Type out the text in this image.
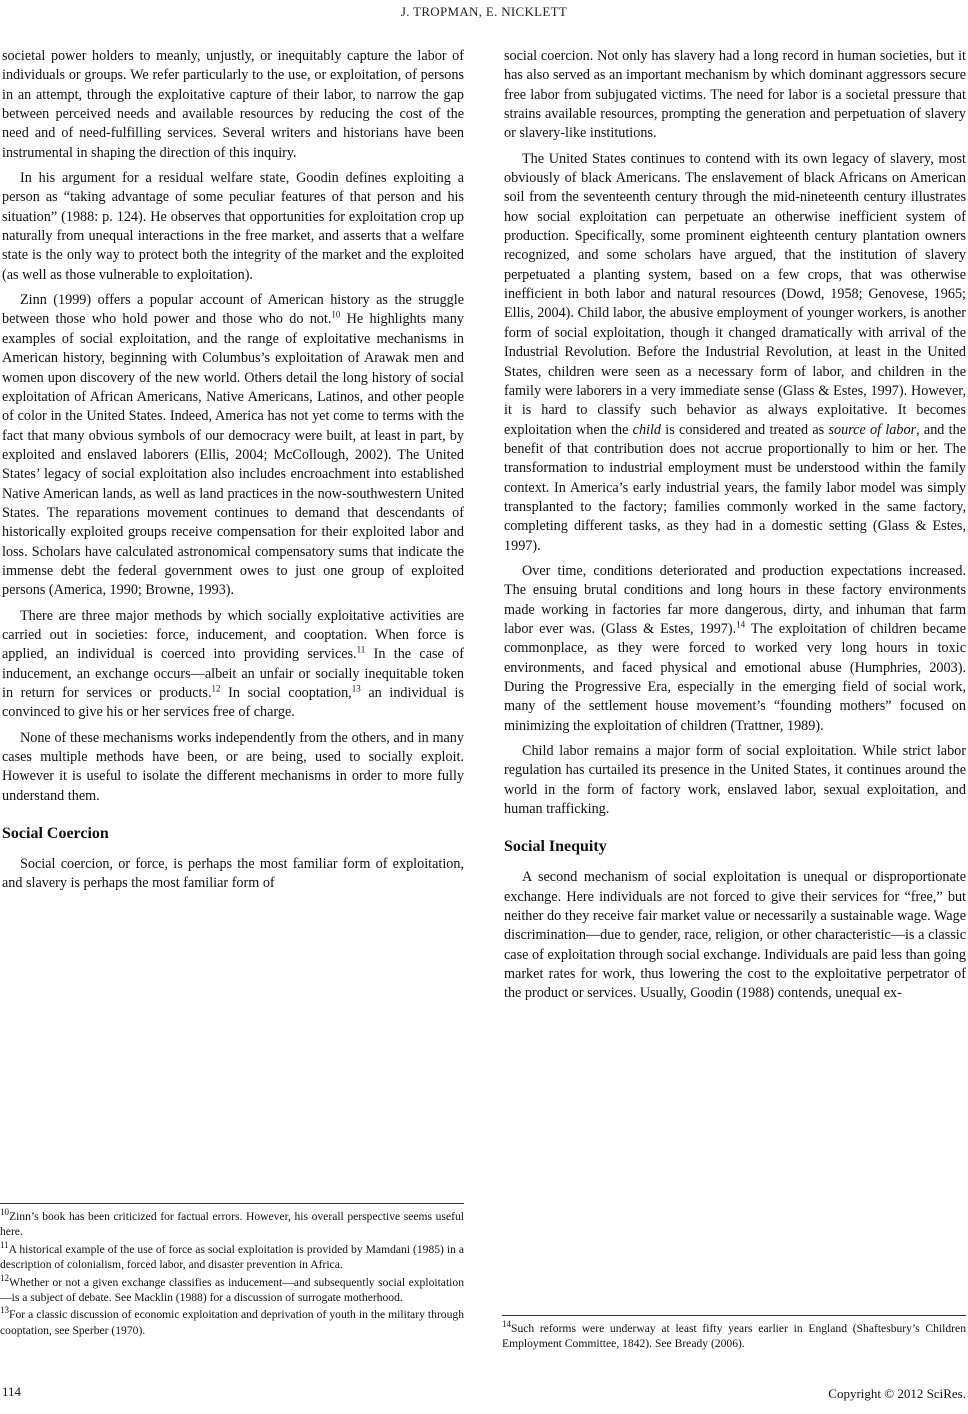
J. TROPMAN, E. NICKLETT

societal power holders to meanly, unjustly, or inequitably capture the labor of individuals or groups. We refer particularly to the use, or exploitation, of persons in an attempt, through the exploitative capture of their labor, to narrow the gap between perceived needs and available resources by reducing the cost of the need and of need-fulfilling services. Several writers and historians have been instrumental in shaping the direction of this inquiry.

In his argument for a residual welfare state, Goodin defines exploiting a person as “taking advantage of some peculiar features of that person and his situation” (1988: p. 124). He observes that opportunities for exploitation crop up naturally from unequal interactions in the free market, and asserts that a welfare state is the only way to protect both the integrity of the market and the exploited (as well as those vulnerable to exploitation).

Zinn (1999) offers a popular account of American history as the struggle between those who hold power and those who do not.$^{10}$ He highlights many examples of social exploitation, and the range of exploitative mechanisms in American history, beginning with Columbus’s exploitation of Arawak men and women upon discovery of the new world. Others detail the long history of social exploitation of African Americans, Native Americans, Latinos, and other people of color in the United States. Indeed, America has not yet come to terms with the fact that many obvious symbols of our democracy were built, at least in part, by exploited and enslaved laborers (Ellis, 2004; McCollough, 2002). The United States’ legacy of social exploitation also includes encroachment into established Native American lands, as well as land practices in the now-southwestern United States. The reparations movement continues to demand that descendants of historically exploited groups receive compensation for their exploited labor and loss. Scholars have calculated astronomical compensatory sums that indicate the immense debt the federal government owes to just one group of exploited persons (America, 1990; Browne, 1993).

There are three major methods by which socially exploitative activities are carried out in societies: force, inducement, and cooptation. When force is applied, an individual is coerced into providing services.$^{11}$ In the case of inducement, an exchange occurs—albeit an unfair or socially inequitable token in return for services or products.$^{12}$ In social cooptation,$^{13}$ an individual is convinced to give his or her services free of charge.

None of these mechanisms works independently from the others, and in many cases multiple methods have been, or are being, used to socially exploit. However it is useful to isolate the different mechanisms in order to more fully understand them.

Social Coercion

Social coercion, or force, is perhaps the most familiar form of exploitation, and slavery is perhaps the most familiar form of

$^{10}$Zinn’s book has been criticized for factual errors. However, his overall perspective seems useful here.

$^{11}$A historical example of the use of force as social exploitation is provided by Mamdani (1985) in a description of colonialism, forced labor, and disaster prevention in Africa.

$^{12}$Whether or not a given exchange classifies as inducement—and subsequently social exploitation—is a subject of debate. See Macklin (1988) for a discussion of surrogate motherhood.

$^{13}$For a classic discussion of economic exploitation and deprivation of youth in the military through cooptation, see Sperber (1970).

social coercion. Not only has slavery had a long record in human societies, but it has also served as an important mechanism by which dominant aggressors secure free labor from subjugated victims. The need for labor is a societal pressure that strains available resources, prompting the generation and perpetuation of slavery or slavery-like institutions.

The United States continues to contend with its own legacy of slavery, most obviously of black Americans. The enslavement of black Africans on American soil from the seventeenth century through the mid-nineteenth century illustrates how social exploitation can perpetuate an otherwise inefficient system of production. Specifically, some prominent eighteenth century plantation owners recognized, and some scholars have argued, that the institution of slavery perpetuated a planting system, based on a few crops, that was otherwise inefficient in both labor and natural resources (Dowd, 1958; Genovese, 1965; Ellis, 2004). Child labor, the abusive employment of younger workers, is another form of social exploitation, though it changed dramatically with arrival of the Industrial Revolution. Before the Industrial Revolution, at least in the United States, children were seen as a necessary form of labor, and children in the family were laborers in a very immediate sense (Glass & Estes, 1997). However, it is hard to classify such behavior as always exploitative. It becomes exploitation when the child is considered and treated as source of labor, and the benefit of that contribution does not accrue proportionally to him or her. The transformation to industrial employment must be understood within the family context. In America’s early industrial years, the family labor model was simply transplanted to the factory; families commonly worked in the same factory, completing different tasks, as they had in a domestic setting (Glass & Estes, 1997).

Over time, conditions deteriorated and production expectations increased. The ensuing brutal conditions and long hours in these factory environments made working in factories far more dangerous, dirty, and inhuman that farm labor ever was. (Glass & Estes, 1997).$^{14}$ The exploitation of children became commonplace, as they were forced to worked very long hours in toxic environments, and faced physical and emotional abuse (Humphries, 2003). During the Progressive Era, especially in the emerging field of social work, many of the settlement house movement’s “founding mothers” focused on minimizing the exploitation of children (Trattner, 1989).

Child labor remains a major form of social exploitation. While strict labor regulation has curtailed its presence in the United States, it continues around the world in the form of factory work, enslaved labor, sexual exploitation, and human trafficking.

Social Inequity

A second mechanism of social exploitation is unequal or disproportionate exchange. Here individuals are not forced to give their services for “free,” but neither do they receive fair market value or necessarily a sustainable wage. Wage discrimination—due to gender, race, religion, or other characteristic—is a classic case of exploitation through social exchange. Individuals are paid less than going market rates for work, thus lowering the cost to the exploitative perpetrator of the product or services. Usually, Goodin (1988) contends, unequal ex-

$^{14}$Such reforms were underway at least fifty years earlier in England (Shaftesbury’s Children Employment Committee, 1842). See Bready (2006).

114	Copyright © 2012 SciRes.
